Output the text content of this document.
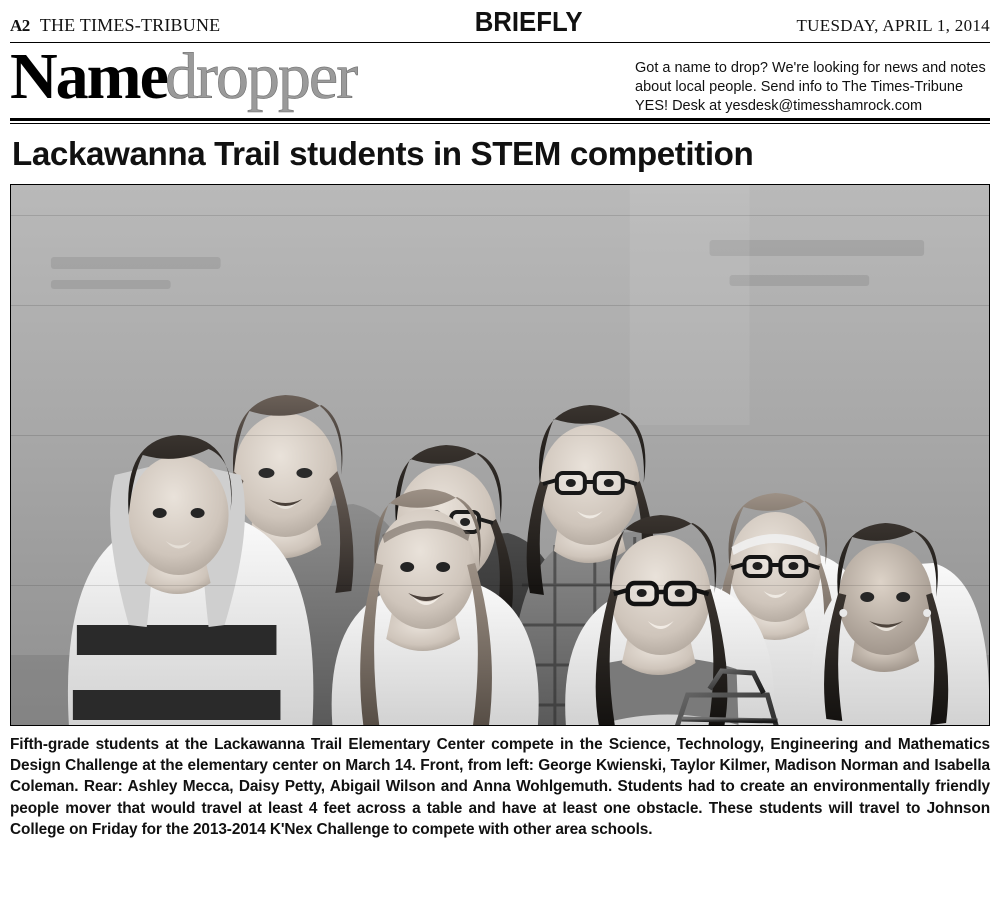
A2 THE TIMES-TRIBUNE	BRIEFLY	TUESDAY, APRIL 1, 2014
Namedropper	Got a name to drop? We're looking for news and notes about local people. Send info to The Times-Tribune YES! Desk at yesdesk@timesshamrock.com
Lackawanna Trail students in STEM competition
Fifth-grade students at the Lackawanna Trail Elementary Center compete in the Science, Technology, Engineering and Mathematics Design Challenge at the elementary center on March 14. Front, from left: George Kwienski, Taylor Kilmer, Madison Norman and Isabella Coleman. Rear: Ashley Mecca, Daisy Petty, Abigail Wilson and Anna Wohlgemuth. Students had to create an environmentally friendly people mover that would travel at least 4 feet across a table and have at least one obstacle. These students will travel to Johnson College on Friday for the 2013-2014 K'Nex Challenge to compete with other area schools.
